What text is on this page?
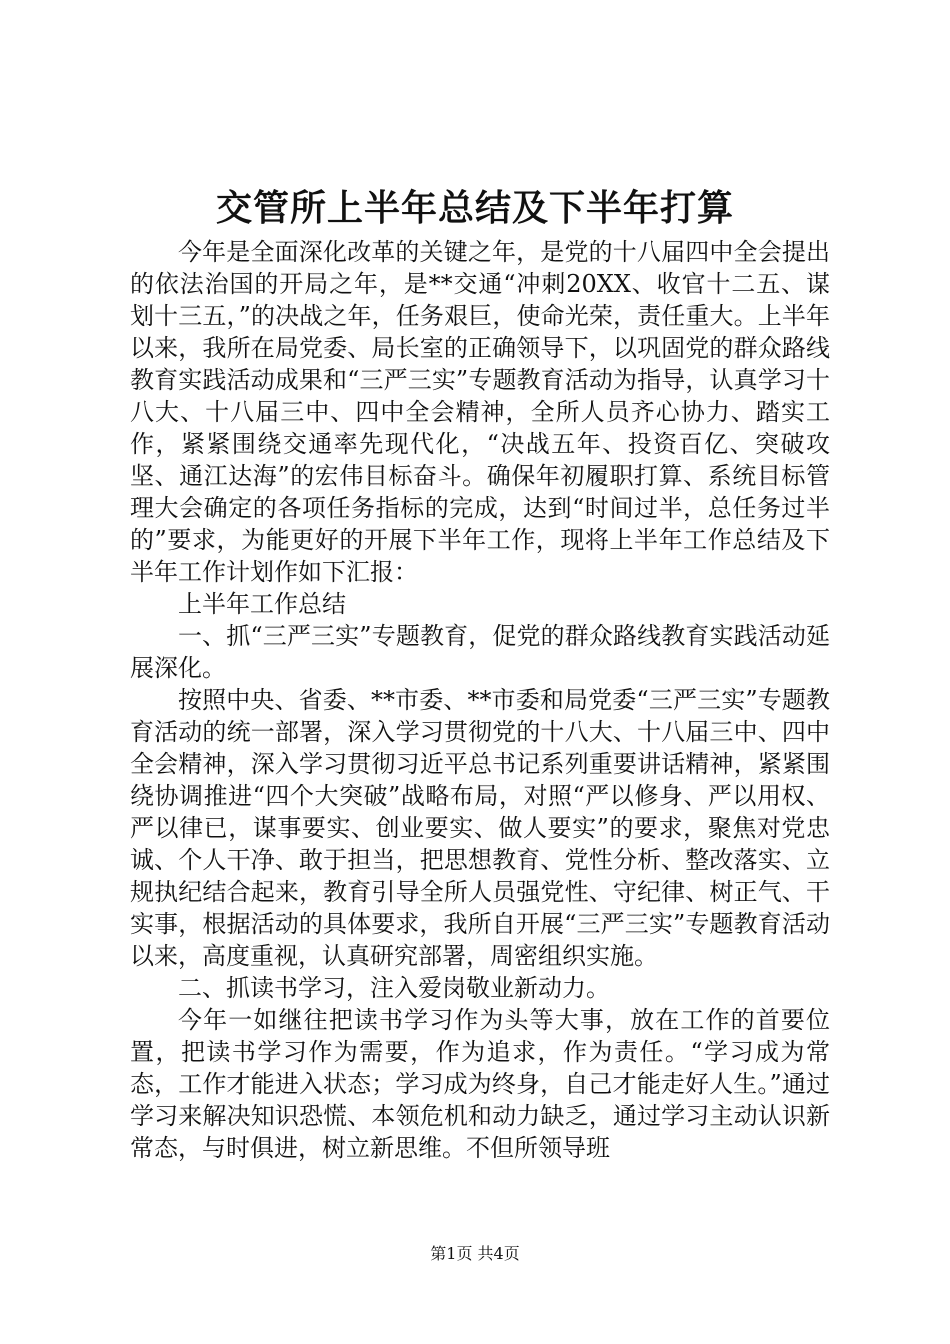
交管所上半年总结及下半年打算

今年是全面深化改革的关键之年，是党的十八届四中全会提出的依法治国的开局之年，是**交通“冲刺20XX、收官十二五、谋划十三五，”的决战之年，任务艰巨，使命光荣，责任重大。上半年以来，我所在局党委、局长室的正确领导下，以巩固党的群众路线教育实践活动成果和“三严三实”专题教育活动为指导，认真学习十八大、十八届三中、四中全会精神，全所人员齐心协力、踏实工作，紧紧围绕交通率先现代化，“决战五年、投资百亿、突破攻坚、通江达海”的宏伟目标奋斗。确保年初履职打算、系统目标管理大会确定的各项任务指标的完成，达到“时间过半，总任务过半的”要求，为能更好的开展下半年工作，现将上半年工作总结及下半年工作计划作如下汇报：

上半年工作总结

一、抓“三严三实”专题教育，促党的群众路线教育实践活动延展深化。

按照中央、省委、**市委、**市委和局党委“三严三实”专题教育活动的统一部署，深入学习贯彻党的十八大、十八届三中、四中全会精神，深入学习贯彻习近平总书记系列重要讲话精神，紧紧围绕协调推进“四个大突破”战略布局，对照“严以修身、严以用权、严以律已，谋事要实、创业要实、做人要实”的要求，聚焦对党忠诚、个人干净、敢于担当，把思想教育、党性分析、整改落实、立规执纪结合起来，教育引导全所人员强党性、守纪律、树正气、干实事，根据活动的具体要求，我所自开展“三严三实”专题教育活动以来，高度重视，认真研究部署，周密组织实施。

二、抓读书学习，注入爱岗敬业新动力。

今年一如继往把读书学习作为头等大事，放在工作的首要位置，把读书学习作为需要，作为追求，作为责任。“学习成为常态，工作才能进入状态；学习成为终身，自己才能走好人生。”通过学习来解决知识恐慌、本领危机和动力缺乏，通过学习主动认识新常态，与时俱进，树立新思维。不但所领导班

第1页 共4页
